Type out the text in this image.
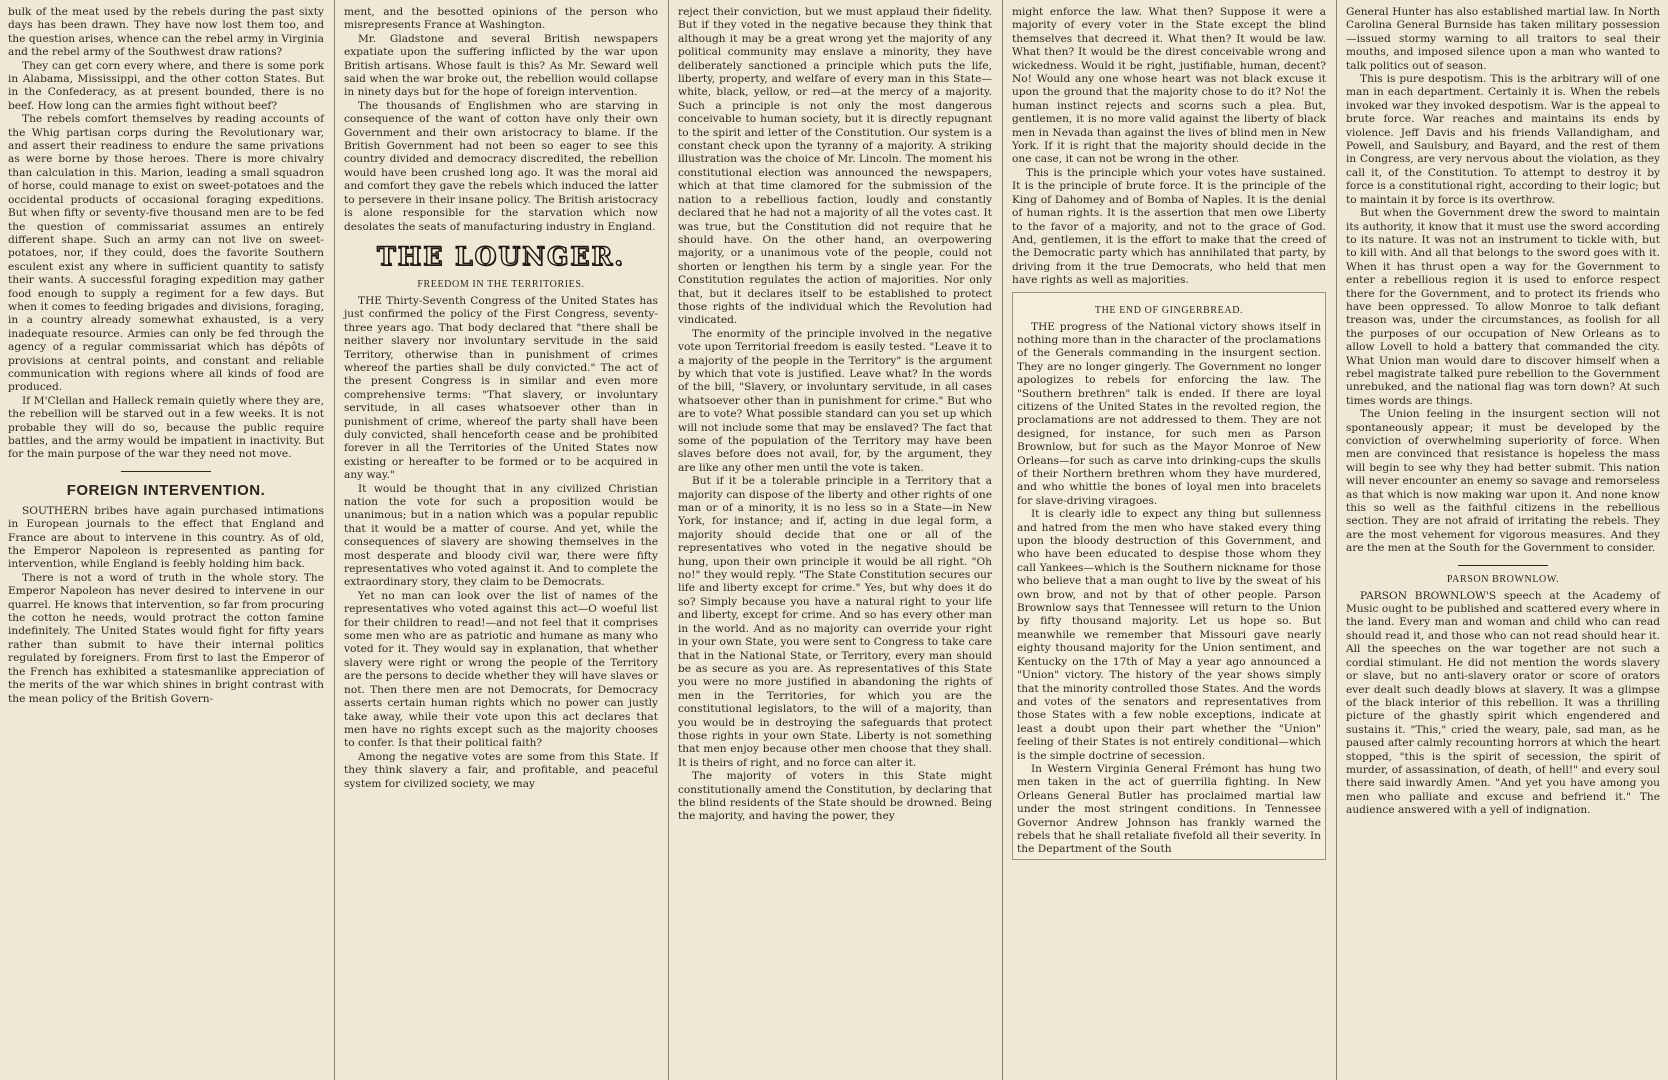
bulk of the meat used by the rebels during the past sixty days has been drawn. They have now lost them too, and the question arises, whence can the rebel army in Virginia and the rebel army of the Southwest draw rations?

They can get corn every where, and there is some pork in Alabama, Mississippi, and the other cotton States. But in the Confederacy, as at present bounded, there is no beef. How long can the armies fight without beef?

The rebels comfort themselves by reading accounts of the Whig partisan corps during the Revolutionary war, and assert their readiness to endure the same privations as were borne by those heroes. There is more chivalry than calculation in this. Marion, leading a small squadron of horse, could manage to exist on sweet-potatoes and the occidental products of occasional foraging expeditions. But when fifty or seventy-five thousand men are to be fed the question of commissariat assumes an entirely different shape. Such an army can not live on sweet-potatoes, nor, if they could, does the favorite Southern esculent exist any where in sufficient quantity to satisfy their wants. A successful foraging expedition may gather food enough to supply a regiment for a few days. But when it comes to feeding brigades and divisions, foraging, in a country already somewhat exhausted, is a very inadequate resource. Armies can only be fed through the agency of a regular commissariat which has dépôts of provisions at central points, and constant and reliable communication with regions where all kinds of food are produced.

If M'Clellan and Halleck remain quietly where they are, the rebellion will be starved out in a few weeks. It is not probable they will do so, because the public require battles, and the army would be impatient in inactivity. But for the main purpose of the war they need not move.

FOREIGN INTERVENTION.

SOUTHERN bribes have again purchased intimations in European journals to the effect that England and France are about to intervene in this country. As of old, the Emperor Napoleon is represented as panting for intervention, while England is feebly holding him back.

There is not a word of truth in the whole story. The Emperor Napoleon has never desired to intervene in our quarrel. He knows that intervention, so far from procuring the cotton he needs, would protract the cotton famine indefinitely. The United States would fight for fifty years rather than submit to have their internal politics regulated by foreigners. From first to last the Emperor of the French has exhibited a statesmanlike appreciation of the merits of the war which shines in bright contrast with the mean policy of the British Govern-

ment, and the besotted opinions of the person who misrepresents France at Washington.

Mr. Gladstone and several British newspapers expatiate upon the suffering inflicted by the war upon British artisans. Whose fault is this? As Mr. Seward well said when the war broke out, the rebellion would collapse in ninety days but for the hope of foreign intervention.

The thousands of Englishmen who are starving in consequence of the want of cotton have only their own Government and their own aristocracy to blame. If the British Government had not been so eager to see this country divided and democracy discredited, the rebellion would have been crushed long ago. It was the moral aid and comfort they gave the rebels which induced the latter to persevere in their insane policy. The British aristocracy is alone responsible for the starvation which now desolates the seats of manufacturing industry in England.

THE LOUNGER.
FREEDOM IN THE TERRITORIES.

THE Thirty-Seventh Congress of the United States has just confirmed the policy of the First Congress, seventy-three years ago. That body declared that "there shall be neither slavery nor involuntary servitude in the said Territory, otherwise than in punishment of crimes whereof the parties shall be duly convicted." The act of the present Congress is in similar and even more comprehensive terms: "That slavery, or involuntary servitude, in all cases whatsoever other than in punishment of crime, whereof the party shall have been duly convicted, shall henceforth cease and be prohibited forever in all the Territories of the United States now existing or hereafter to be formed or to be acquired in any way."

It would be thought that in any civilized Christian nation the vote for such a proposition would be unanimous; but in a nation which was a popular republic that it would be a matter of course. And yet, while the consequences of slavery are showing themselves in the most desperate and bloody civil war, there were fifty representatives who voted against it. And to complete the extraordinary story, they claim to be Democrats.

Yet no man can look over the list of names of the representatives who voted against this act—O woeful list for their children to read!—and not feel that it comprises some men who are as patriotic and humane as many who voted for it. They would say in explanation, that whether slavery were right or wrong the people of the Territory are the persons to decide whether they will have slaves or not. Then there men are not Democrats, for Democracy asserts certain human rights which no power can justly take away, while their vote upon this act declares that men have no rights except such as the majority chooses to confer. Is that their political faith?

Among the negative votes are some from this State. If they think slavery a fair, and profitable, and peaceful system for civilized society, we may

reject their conviction, but we must applaud their fidelity. But if they voted in the negative because they think that although it may be a great wrong yet the majority of any political community may enslave a minority, they have deliberately sanctioned a principle which puts the life, liberty, property, and welfare of every man in this State—white, black, yellow, or red—at the mercy of a majority. Such a principle is not only the most dangerous conceivable to human society, but it is directly repugnant to the spirit and letter of the Constitution. Our system is a constant check upon the tyranny of a majority. A striking illustration was the choice of Mr. Lincoln. The moment his constitutional election was announced the newspapers, which at that time clamored for the submission of the nation to a rebellious faction, loudly and constantly declared that he had not a majority of all the votes cast. It was true, but the Constitution did not require that he should have. On the other hand, an overpowering majority, or a unanimous vote of the people, could not shorten or lengthen his term by a single year. For the Constitution regulates the action of majorities. Nor only that, but it declares itself to be established to protect those rights of the individual which the Revolution had vindicated.

The enormity of the principle involved in the negative vote upon Territorial freedom is easily tested. "Leave it to a majority of the people in the Territory" is the argument by which that vote is justified. Leave what? In the words of the bill, "Slavery, or involuntary servitude, in all cases whatsoever other than in punishment for crime." But who are to vote? What possible standard can you set up which will not include some that may be enslaved? The fact that some of the population of the Territory may have been slaves before does not avail, for, by the argument, they are like any other men until the vote is taken.

But if it be a tolerable principle in a Territory that a majority can dispose of the liberty and other rights of one man or of a minority, it is no less so in a State—in New York, for instance; and if, acting in due legal form, a majority should decide that one or all of the representatives who voted in the negative should be hung, upon their own principle it would be all right. "Oh no!" they would reply. "The State Constitution secures our life and liberty except for crime." Yes, but why does it do so? Simply because you have a natural right to your life and liberty, except for crime. And so has every other man in the world. And as no majority can override your right in your own State, you were sent to Congress to take care that in the National State, or Territory, every man should be as secure as you are. As representatives of this State you were no more justified in abandoning the rights of men in the Territories, for which you are the constitutional legislators, to the will of a majority, than you would be in destroying the safeguards that protect those rights in your own State. Liberty is not something that men enjoy because other men choose that they shall. It is theirs of right, and no force can alter it.

The majority of voters in this State might constitutionally amend the Constitution, by declaring that the blind residents of the State should be drowned. Being the majority, and having the power, they

might enforce the law. What then? Suppose it were a majority of every voter in the State except the blind themselves that decreed it. What then? It would be law. What then? It would be the direst conceivable wrong and wickedness. Would it be right, justifiable, human, decent? No! Would any one whose heart was not black excuse it upon the ground that the majority chose to do it? No! the human instinct rejects and scorns such a plea. But, gentlemen, it is no more valid against the liberty of black men in Nevada than against the lives of blind men in New York. If it is right that the majority should decide in the one case, it can not be wrong in the other.

This is the principle which your votes have sustained. It is the principle of brute force. It is the principle of the King of Dahomey and of Bomba of Naples. It is the denial of human rights. It is the assertion that men owe Liberty to the favor of a majority, and not to the grace of God. And, gentlemen, it is the effort to make that the creed of the Democratic party which has annihilated that party, by driving from it the true Democrats, who held that men have rights as well as majorities.

THE END OF GINGERBREAD.

THE progress of the National victory shows itself in nothing more than in the character of the proclamations of the Generals commanding in the insurgent section. They are no longer gingerly. The Government no longer apologizes to rebels for enforcing the law. The "Southern brethren" talk is ended. If there are loyal citizens of the United States in the revolted region, the proclamations are not addressed to them. They are not designed, for instance, for such men as Parson Brownlow, but for such as the Mayor Monroe of New Orleans—for such as carve into drinking-cups the skulls of their Northern brethren whom they have murdered, and who whittle the bones of loyal men into bracelets for slave-driving viragoes.

It is clearly idle to expect any thing but sullenness and hatred from the men who have staked every thing upon the bloody destruction of this Government, and who have been educated to despise those whom they call Yankees—which is the Southern nickname for those who believe that a man ought to live by the sweat of his own brow, and not by that of other people. Parson Brownlow says that Tennessee will return to the Union by fifty thousand majority. Let us hope so. But meanwhile we remember that Missouri gave nearly eighty thousand majority for the Union sentiment, and Kentucky on the 17th of May a year ago announced a "Union" victory. The history of the year shows simply that the minority controlled those States. And the words and votes of the senators and representatives from those States with a few noble exceptions, indicate at least a doubt upon their part whether the "Union" feeling of their States is not entirely conditional—which is the simple doctrine of secession.

In Western Virginia General Frémont has hung two men taken in the act of guerrilla fighting. In New Orleans General Butler has proclaimed martial law under the most stringent conditions. In Tennessee Governor Andrew Johnson has frankly warned the rebels that he shall retaliate fivefold all their severity. In the Department of the South

General Hunter has also established martial law. In North Carolina General Burnside has taken military possession—issued stormy warning to all traitors to seal their mouths, and imposed silence upon a man who wanted to talk politics out of season.

This is pure despotism. This is the arbitrary will of one man in each department. Certainly it is. When the rebels invoked war they invoked despotism. War is the appeal to brute force. War reaches and maintains its ends by violence. Jeff Davis and his friends Vallandigham, and Powell, and Saulsbury, and Bayard, and the rest of them in Congress, are very nervous about the violation, as they call it, of the Constitution. To attempt to destroy it by force is a constitutional right, according to their logic; but to maintain it by force is its overthrow.

But when the Government drew the sword to maintain its authority, it know that it must use the sword according to its nature. It was not an instrument to tickle with, but to kill with. And all that belongs to the sword goes with it. When it has thrust open a way for the Government to enter a rebellious region it is used to enforce respect there for the Government, and to protect its friends who have been oppressed. To allow Monroe to talk defiant treason was, under the circumstances, as foolish for all the purposes of our occupation of New Orleans as to allow Lovell to hold a battery that commanded the city. What Union man would dare to discover himself when a rebel magistrate talked pure rebellion to the Government unrebuked, and the national flag was torn down? At such times words are things.

The Union feeling in the insurgent section will not spontaneously appear; it must be developed by the conviction of overwhelming superiority of force. When men are convinced that resistance is hopeless the mass will begin to see why they had better submit. This nation will never encounter an enemy so savage and remorseless as that which is now making war upon it. And none know this so well as the faithful citizens in the rebellious section. They are not afraid of irritating the rebels. They are the most vehement for vigorous measures. And they are the men at the South for the Government to consider.

PARSON BROWNLOW.

PARSON BROWNLOW'S speech at the Academy of Music ought to be published and scattered every where in the land. Every man and woman and child who can read should read it, and those who can not read should hear it. All the speeches on the war together are not such a cordial stimulant. He did not mention the words slavery or slave, but no anti-slavery orator or score of orators ever dealt such deadly blows at slavery. It was a glimpse of the black interior of this rebellion. It was a thrilling picture of the ghastly spirit which engendered and sustains it. "This," cried the weary, pale, sad man, as he paused after calmly recounting horrors at which the heart stopped, "this is the spirit of secession, the spirit of murder, of assassination, of death, of hell!" and every soul there said inwardly Amen. "And yet you have among you men who palliate and excuse and befriend it." The audience answered with a yell of indignation.
